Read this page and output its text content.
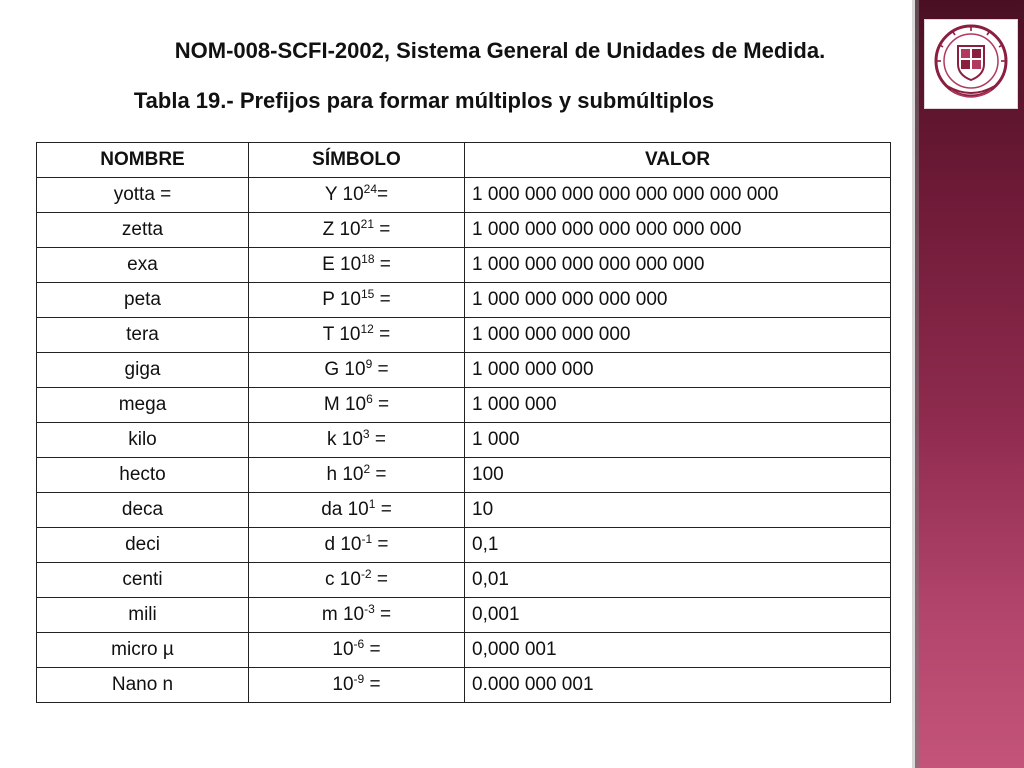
NOM-008-SCFI-2002, Sistema General de Unidades de Medida.
Tabla 19.- Prefijos para formar múltiplos y submúltiplos
NOMBRE	SÍMBOLO	VALOR
yotta =	Y $10^{24}=$	1 000 000 000 000 000 000 000 000
zetta	Z $10^{21}$ =	1 000 000 000 000 000 000 000
exa	E $10^{18}$ =	1 000 000 000 000 000 000
peta	P $10^{15}$ =	1 000 000 000 000 000
tera	T $10^{12}$ =	1 000 000 000 000
giga	G $10^9$ =	1 000 000 000
mega	M $10^6$ =	1 000 000
kilo	k $10^3$ =	1 000
hecto	h $10^2$ =	100
deca	da $10^1$ =	10
deci	d $10^{-1}$ =	0,1
centi	c $10^{-2}$ =	0,01
mili	m $10^{-3}$ =	0,001
micro µ	$10^{-6}$ =	0,000 001
Nano n	$10^{-9}$ =	0.000 000 001
